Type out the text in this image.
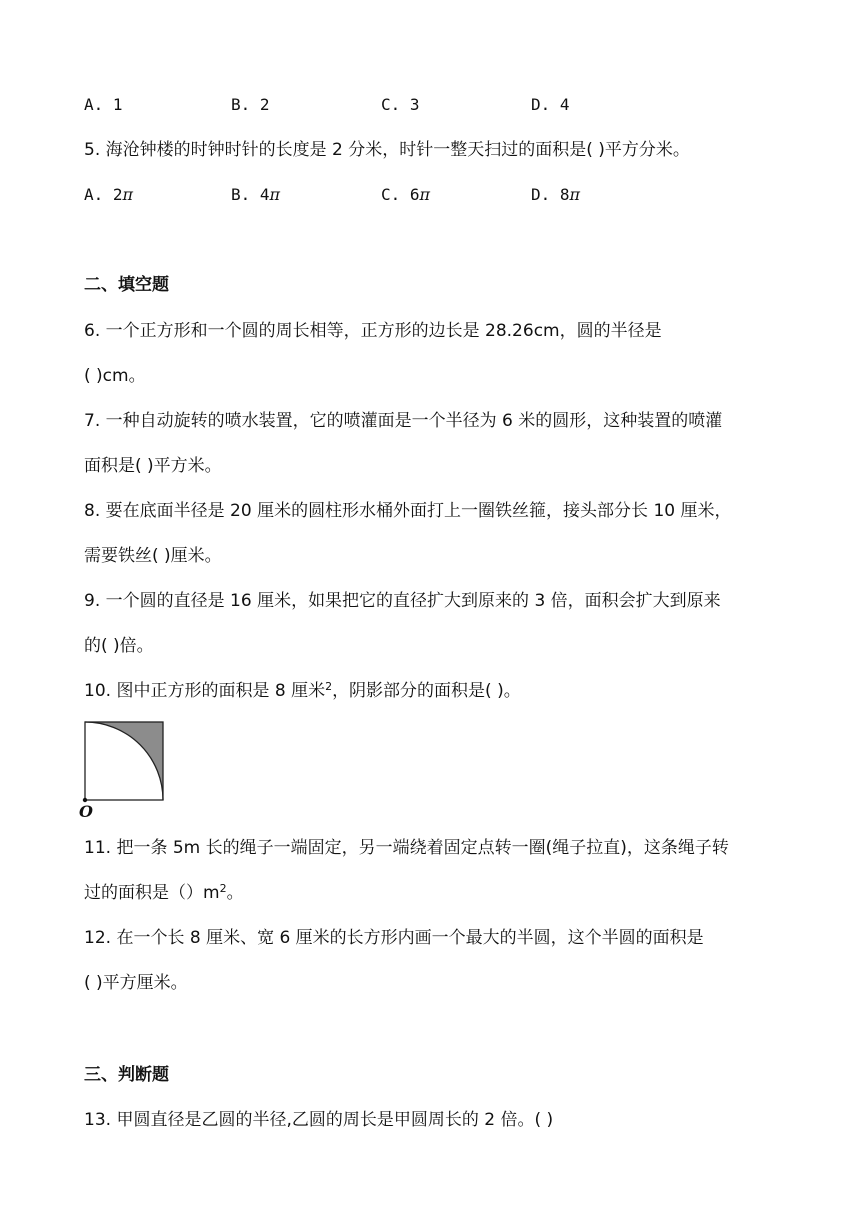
A. 1	B. 2	C. 3	D. 4
5. 海沧钟楼的时钟时针的长度是 2 分米，时针一整天扫过的面积是( )平方分米。
A. 2π	B. 4π	C. 6π	D. 8π
二、填空题
6. 一个正方形和一个圆的周长相等，正方形的边长是 28.26cm，圆的半径是
( )cm。
7. 一种自动旋转的喷水装置，它的喷灌面是一个半径为 6 米的圆形，这种装置的喷灌
面积是( )平方米。
8. 要在底面半径是 20 厘米的圆柱形水桶外面打上一圈铁丝箍，接头部分长 10 厘米，
需要铁丝( )厘米。
9. 一个圆的直径是 16 厘米，如果把它的直径扩大到原来的 3 倍，面积会扩大到原来
的( )倍。
10. 图中正方形的面积是 8 厘米$^2$，阴影部分的面积是( )。
O
11. 把一条 5m 长的绳子一端固定，另一端绕着固定点转一圈(绳子拉直)，这条绳子转
过的面积是$()m^2$。
12. 在一个长 8 厘米、宽 6 厘米的长方形内画一个最大的半圆，这个半圆的面积是
( )平方厘米。
三、判断题
13. 甲圆直径是乙圆的半径,乙圆的周长是甲圆周长的 2 倍。( )
